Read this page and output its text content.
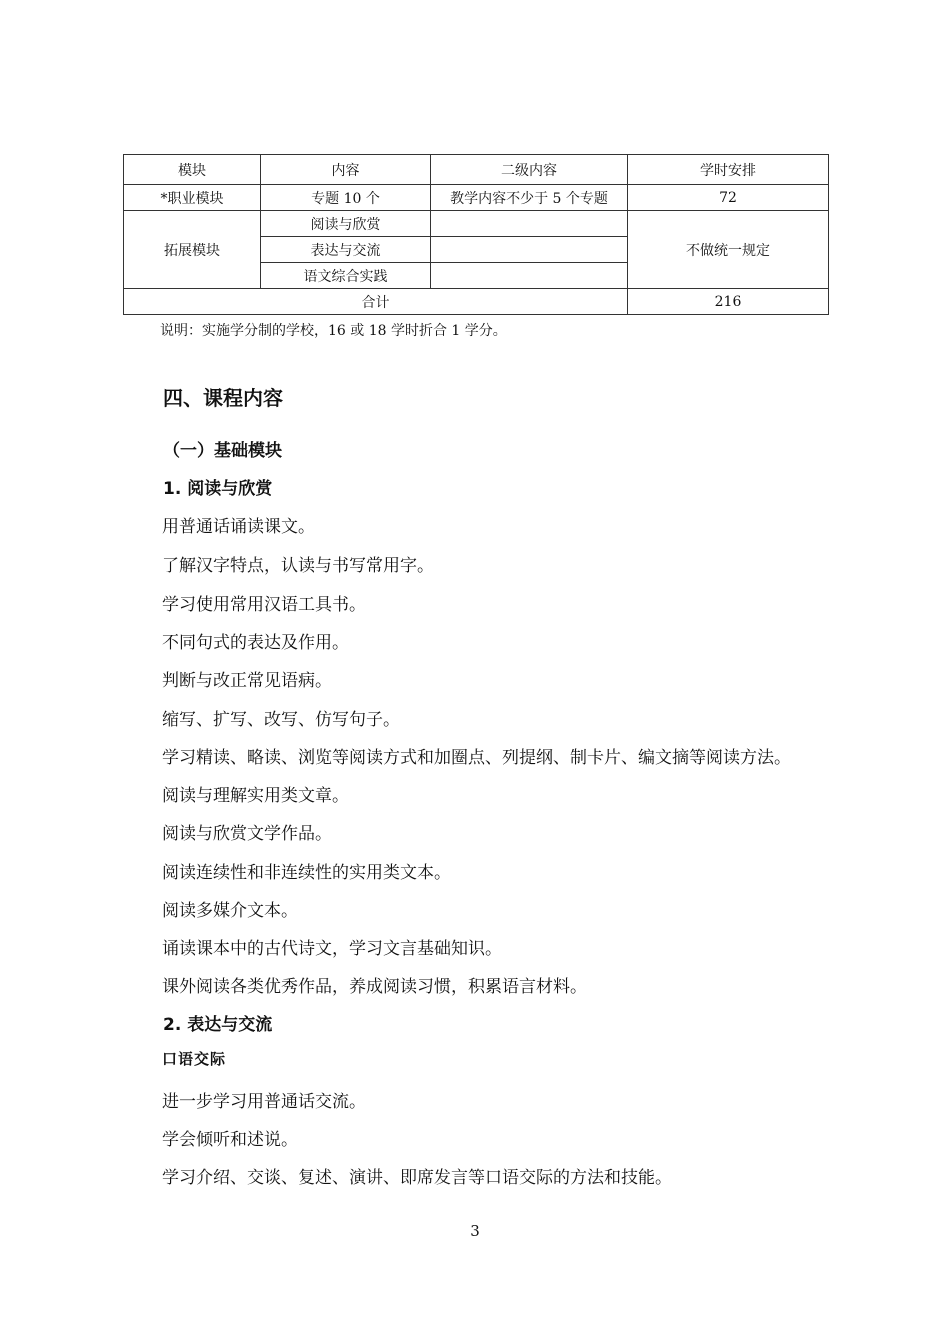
模块	内容	二级内容	学时安排
*职业模块	专题 10 个	教学内容不少于 5 个专题	72
拓展模块	阅读与欣赏		不做统一规定
	表达与交流		
	语文综合实践		
合计			216
说明：实施学分制的学校，16 或 18 学时折合 1 学分。
四、课程内容
（一）基础模块
1. 阅读与欣赏
用普通话诵读课文。
了解汉字特点，认读与书写常用字。
学习使用常用汉语工具书。
不同句式的表达及作用。
判断与改正常见语病。
缩写、扩写、改写、仿写句子。
学习精读、略读、浏览等阅读方式和加圈点、列提纲、制卡片、编文摘等阅读方法。
阅读与理解实用类文章。
阅读与欣赏文学作品。
阅读连续性和非连续性的实用类文本。
阅读多媒介文本。
诵读课本中的古代诗文，学习文言基础知识。
课外阅读各类优秀作品，养成阅读习惯，积累语言材料。
2. 表达与交流
口语交际
进一步学习用普通话交流。
学会倾听和述说。
学习介绍、交谈、复述、演讲、即席发言等口语交际的方法和技能。
3
